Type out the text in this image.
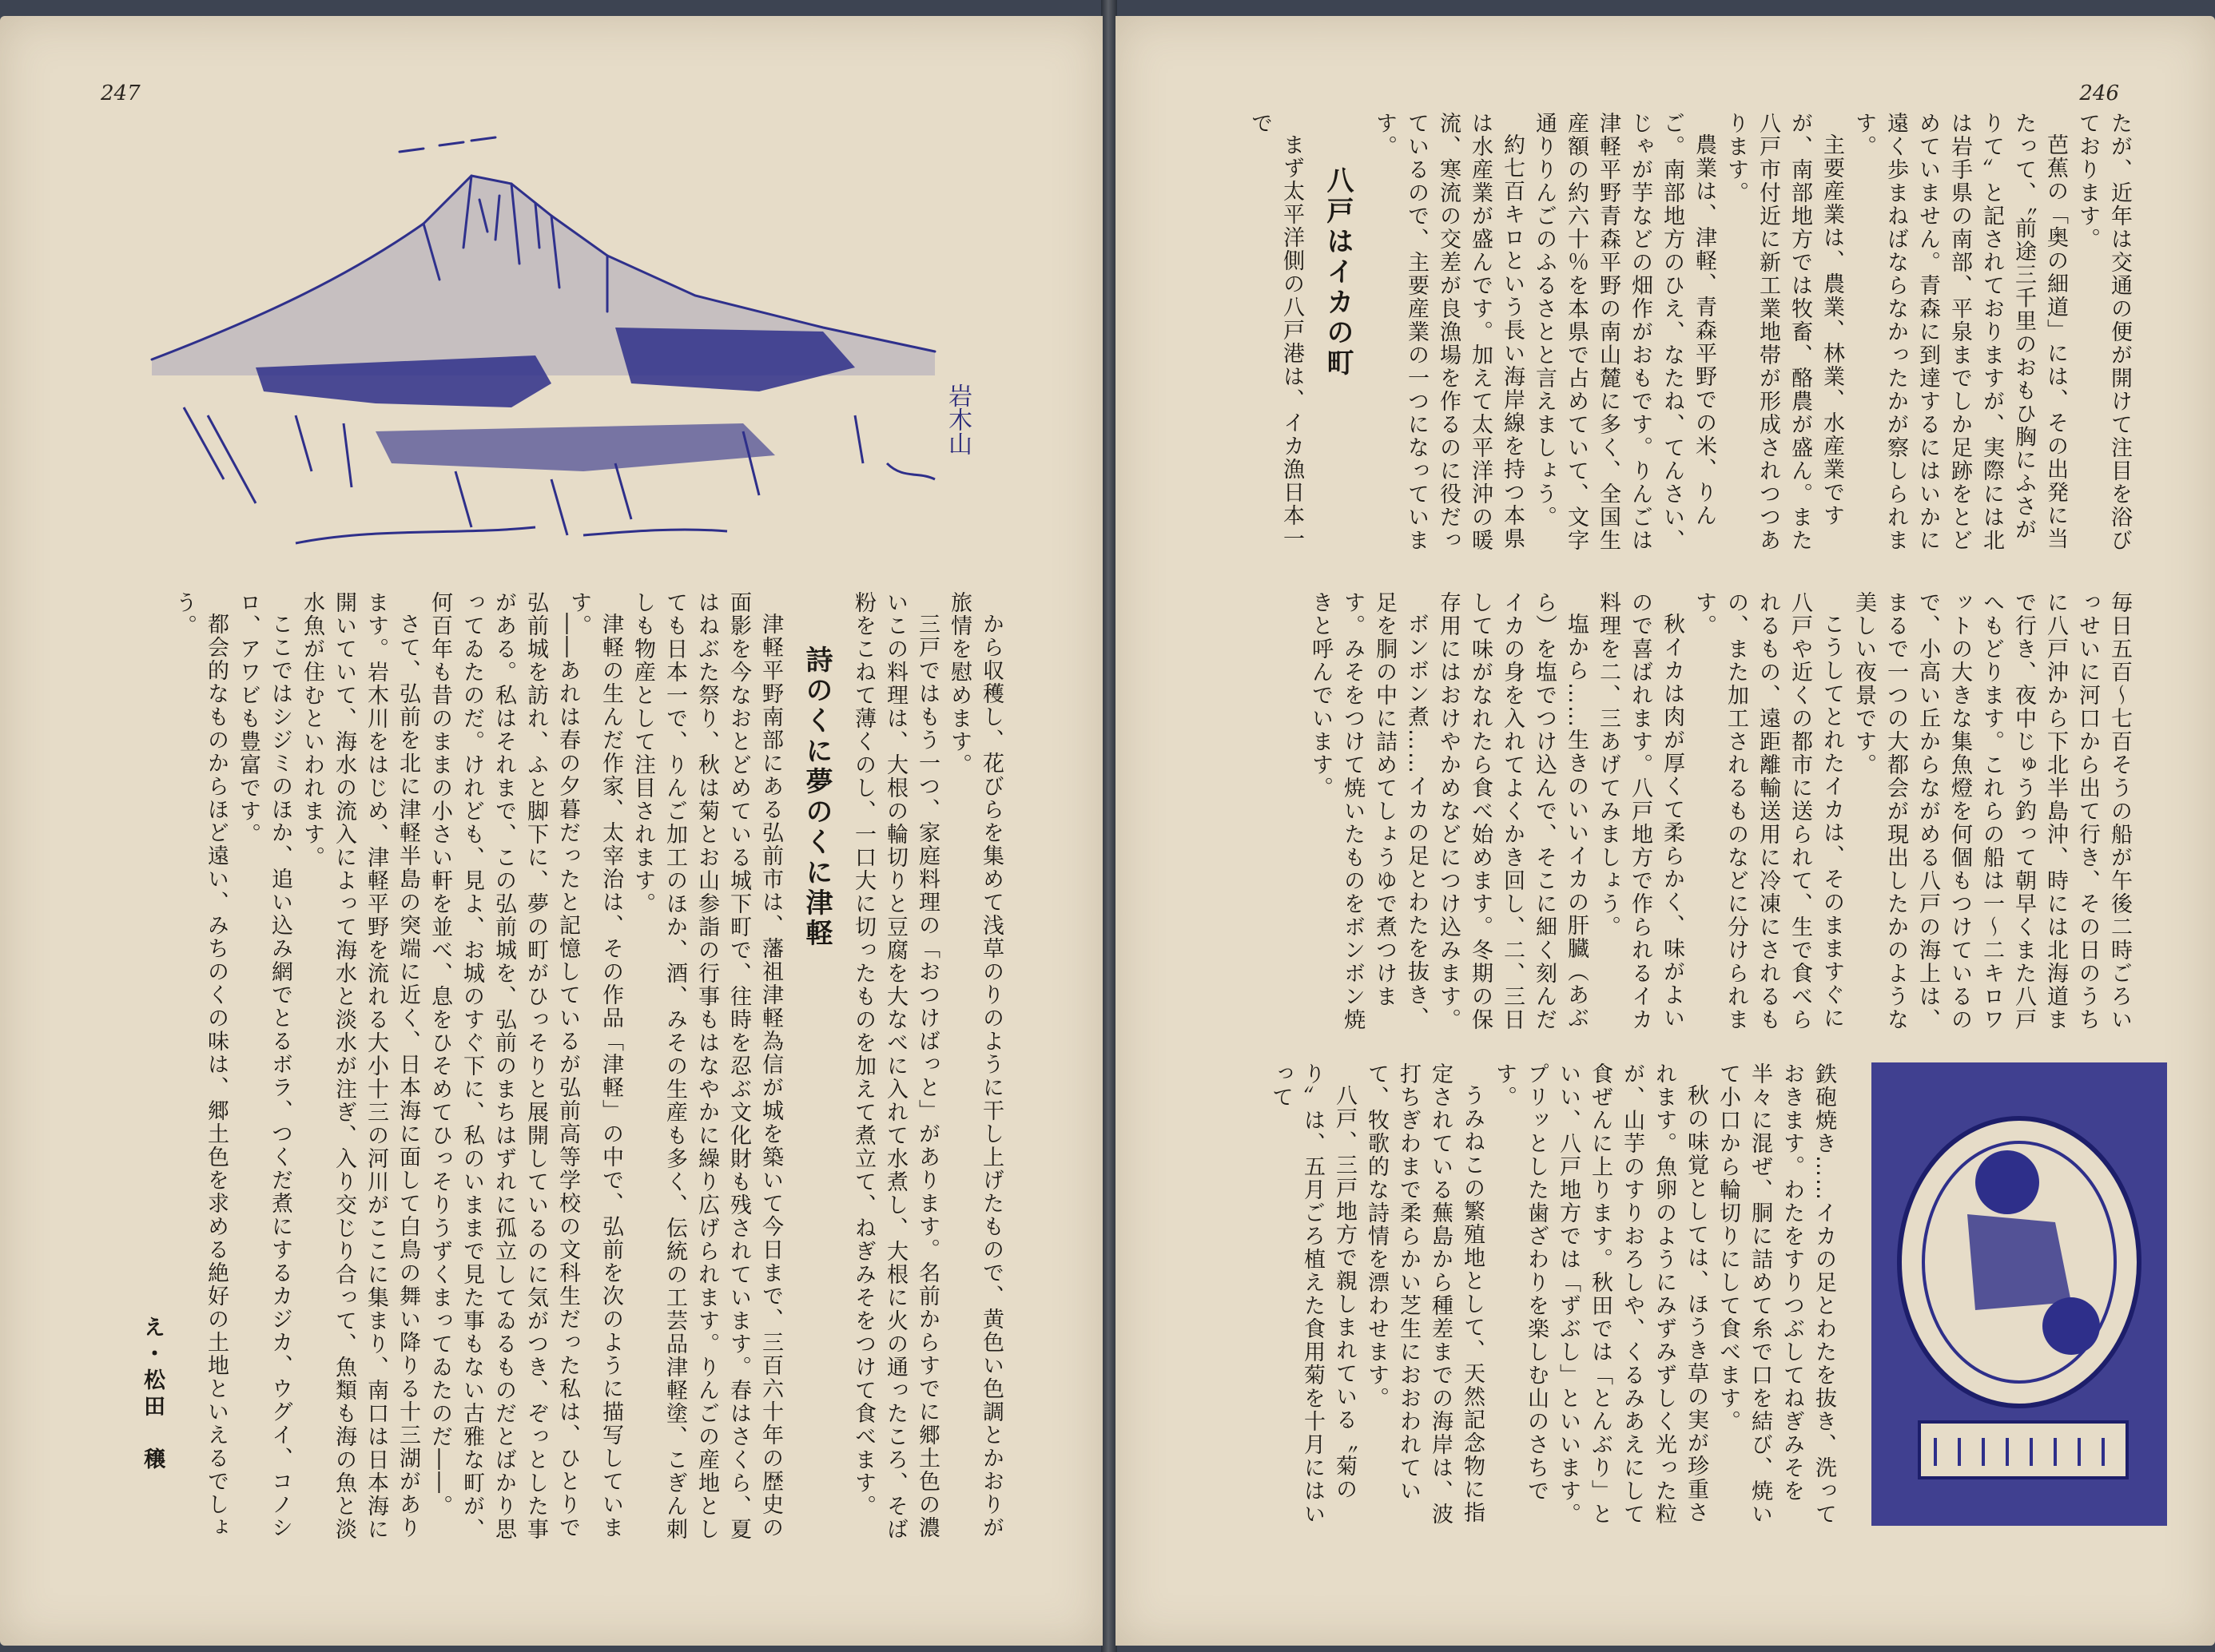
247
岩木山

から収穫し、花びらを集めて浅草のりのように干し上げたもので、黄色い色調とかおりが旅情を慰めます。

三戸ではもう一つ、家庭料理の「おつけばっと」があります。名前からすでに郷土色の濃いこの料理は、大根の輪切りと豆腐を大なべに入れて水煮し、大根に火の通ったころ、そば粉をこねて薄くのし、一口大に切ったものを加えて煮立て、ねぎみそをつけて食べます。

詩のくに夢のくに津軽

津軽平野南部にある弘前市は、藩祖津軽為信が城を築いて今日まで、三百六十年の歴史の面影を今なおとどめている城下町で、往時を忍ぶ文化財も残されています。春はさくら、夏はねぶた祭り、秋は菊とお山参詣の行事もはなやかに繰り広げられます。りんごの産地としても日本一で、りんご加工のほか、酒、みその生産も多く、伝統の工芸品津軽塗、こぎん刺しも物産として注目されます。

津軽の生んだ作家、太宰治は、その作品「津軽」の中で、弘前を次のように描写しています。

――あれは春の夕暮だったと記憶しているが弘前高等学校の文科生だった私は、ひとりで弘前城を訪れ、ふと脚下に、夢の町がひっそりと展開しているのに気がつき、ぞっとした事がある。私はそれまで、この弘前城を、弘前のまちはずれに孤立してゐるものだとばかり思ってゐたのだ。けれども、見よ、お城のすぐ下に、私のいままで見た事もない古雅な町が、何百年も昔のままの小さい軒を並べ、息をひそめてひっそりうずくまってゐたのだ――。

さて、弘前を北に津軽半島の突端に近く、日本海に面して白鳥の舞い降りる十三湖があります。岩木川をはじめ、津軽平野を流れる大小十三の河川がここに集まり、南口は日本海に開いていて、海水の流入によって海水と淡水が注ぎ、入り交じり合って、魚類も海の魚と淡水魚が住むといわれます。

ここではシジミのほか、追い込み網でとるボラ、つくだ煮にするカジカ、ウグイ、コノシロ、アワビも豊富です。

都会的なものからほど遠い、みちのくの味は、郷土色を求める絶好の土地といえるでしょう。

え・松田　穣

246

たが、近年は交通の便が開けて注目を浴びております。

芭蕉の「奥の細道」には、その出発に当たって、〝前途三千里のおもひ胸にふさがりて〟と記されておりますが、実際には北は岩手県の南部、平泉までしか足跡をとどめていません。青森に到達するにはいかに遠く歩まねばならなかったかが察しられます。

主要産業は、農業、林業、水産業ですが、南部地方では牧畜、酪農が盛ん。また八戸市付近に新工業地帯が形成されつつあります。

農業は、津軽、青森平野での米、りんご。南部地方のひえ、なたね、てんさい、じゃが芋などの畑作がおもです。りんごは津軽平野青森平野の南山麓に多く、全国生産額の約六十％を本県で占めていて、文字通りりんごのふるさとと言えましょう。

約七百キロという長い海岸線を持つ本県は水産業が盛んです。加えて太平洋沖の暖流、寒流の交差が良漁場を作るのに役だっているので、主要産業の一つになっています。

八戸はイカの町

まず太平洋側の八戸港は、イカ漁日本一で

毎日五百～七百そうの船が午後二時ごろいっせいに河口から出て行き、その日のうちに八戸沖から下北半島沖、時には北海道まで行き、夜中じゅう釣って朝早くまた八戸へもどります。これらの船は一〜二キロワットの大きな集魚燈を何個もつけているので、小高い丘からながめる八戸の海上は、まるで一つの大都会が現出したかのような美しい夜景です。

こうしてとれたイカは、そのまますぐに八戸や近くの都市に送られて、生で食べられるもの、遠距離輸送用に冷凍にされるもの、また加工されるものなどに分けられます。

秋イカは肉が厚くて柔らかく、味がよいので喜ばれます。八戸地方で作られるイカ料理を二、三あげてみましょう。

塩から……生きのいいイカの肝臓（あぶら）を塩でつけ込んで、そこに細く刻んだイカの身を入れてよくかき回し、二、三日して味がなれたら食べ始めます。冬期の保存用にはおけやかめなどにつけ込みます。

ボンボン煮……イカの足とわたを抜き、足を胴の中に詰めてしょうゆで煮つけます。みそをつけて焼いたものをボンボン焼きと呼んでいます。

鉄砲焼き……イカの足とわたを抜き、洗っておきます。わたをすりつぶしてねぎみそを半々に混ぜ、胴に詰めて糸で口を結び、焼いて小口から輪切りにして食べます。

秋の味覚としては、ほうき草の実が珍重されます。魚卵のようにみずみずしく光った粒が、山芋のすりおろしや、くるみあえにして食ぜんに上ります。秋田では「とんぶり」といい、八戸地方では「ずぶし」といいます。プリッとした歯ざわりを楽しむ山のさちです。

うみねこの繁殖地として、天然記念物に指定されている蕪島から種差までの海岸は、波打ちぎわまで柔らかい芝生におおわれていて、牧歌的な詩情を漂わせます。

八戸、三戸地方で親しまれている〝菊のり〟は、五月ごろ植えた食用菊を十月にはいって
